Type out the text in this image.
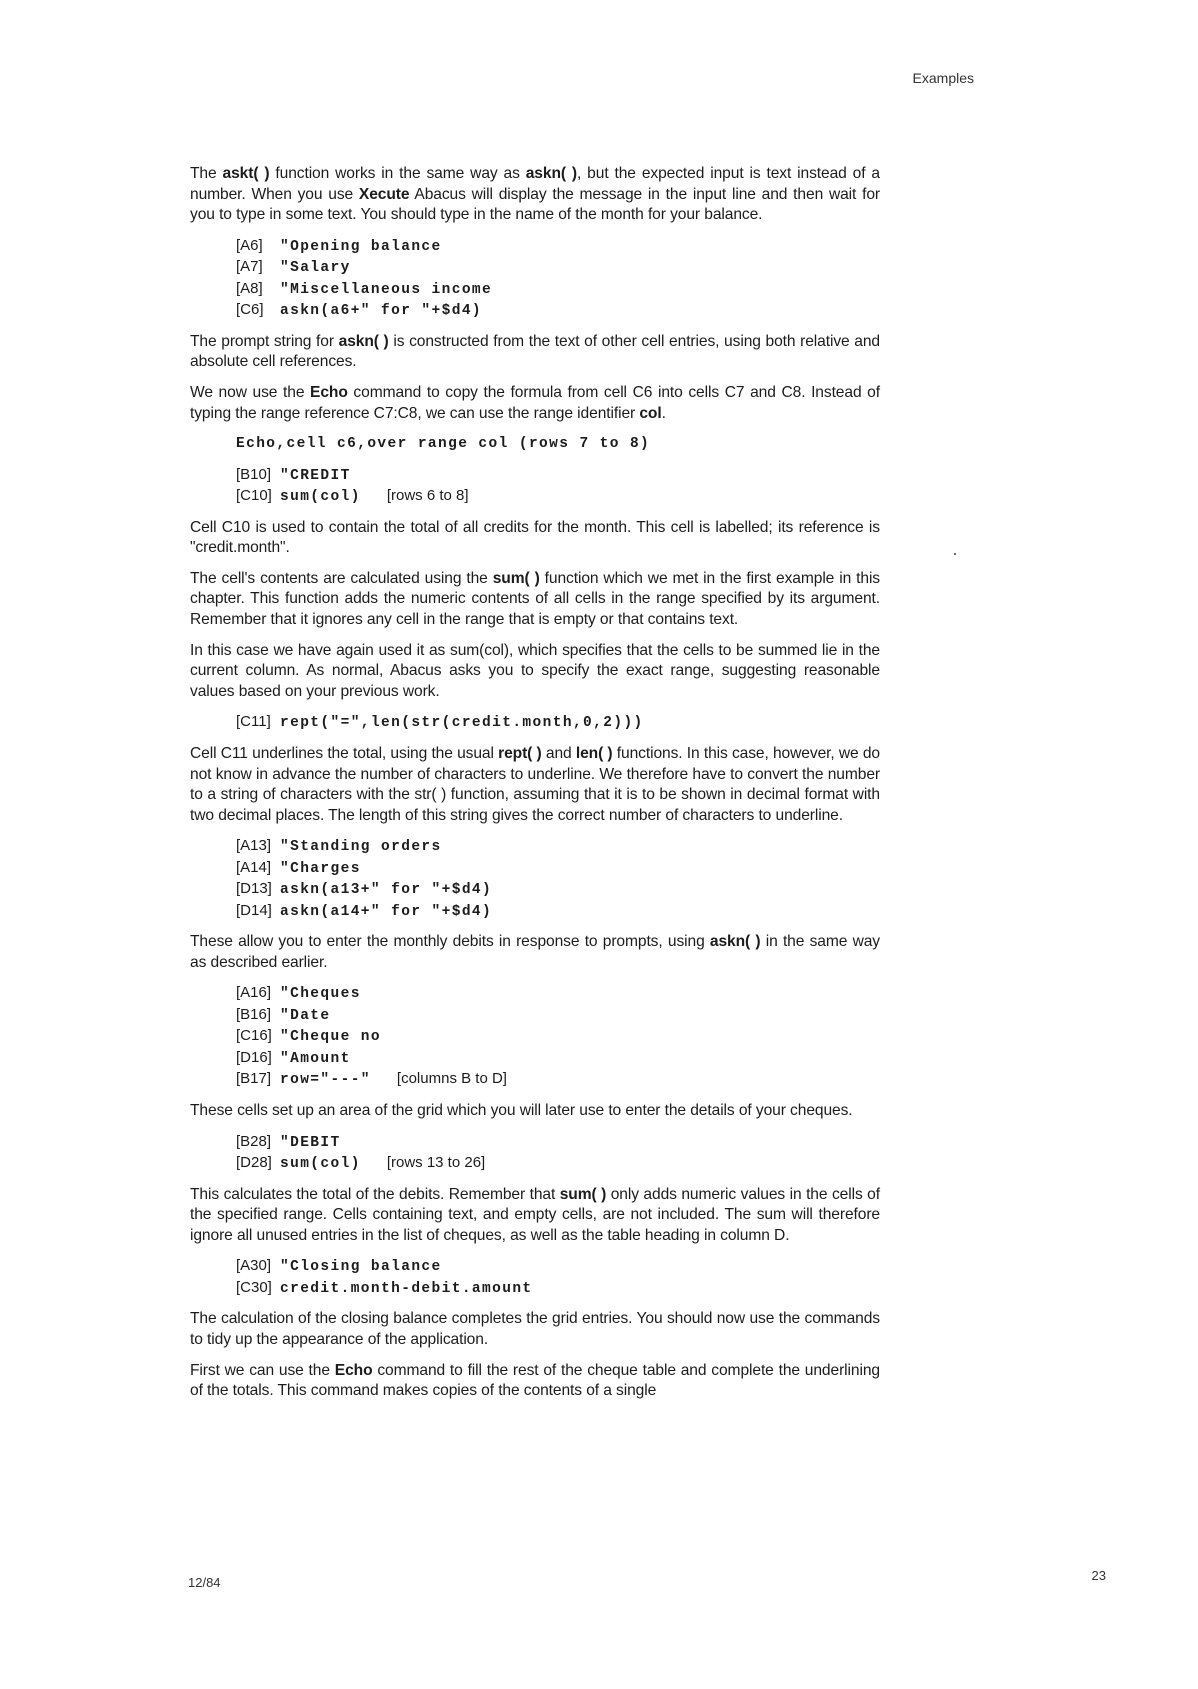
Examples

The askt( ) function works in the same way as askn( ), but the expected input is text instead of a number. When you use Xecute Abacus will display the message in the input line and then wait for you to type in some text. You should type in the name of the month for your balance.

[A6] "Opening balance
[A7] "Salary
[A8] "Miscellaneous income
[C6] askn(a6+" for "+$d4)

The prompt string for askn( ) is constructed from the text of other cell entries, using both relative and absolute cell references.

We now use the Echo command to copy the formula from cell C6 into cells C7 and C8. Instead of typing the range reference C7:C8, we can use the range identifier col.

Echo,cell c6,over range col (rows 7 to 8)
[B10] "CREDIT
[C10] sum(col) [rows 6 to 8]

Cell C10 is used to contain the total of all credits for the month. This cell is labelled; its reference is "credit.month".

The cell's contents are calculated using the sum( ) function which we met in the first example in this chapter. This function adds the numeric contents of all cells in the range specified by its argument. Remember that it ignores any cell in the range that is empty or that contains text.

In this case we have again used it as sum(col), which specifies that the cells to be summed lie in the current column. As normal, Abacus asks you to specify the exact range, suggesting reasonable values based on your previous work.

[C11] rept("=",len(str(credit.month,0,2)))

Cell C11 underlines the total, using the usual rept( ) and len( ) functions. In this case, however, we do not know in advance the number of characters to underline. We therefore have to convert the number to a string of characters with the str( ) function, assuming that it is to be shown in decimal format with two decimal places. The length of this string gives the correct number of characters to underline.

[A13] "Standing orders
[A14] "Charges
[D13] askn(a13+" for "+$d4)
[D14] askn(a14+" for "+$d4)

These allow you to enter the monthly debits in response to prompts, using askn( ) in the same way as described earlier.

[A16] "Cheques
[B16] "Date
[C16] "Cheque no
[D16] "Amount
[B17] row="---" [columns B to D]

These cells set up an area of the grid which you will later use to enter the details of your cheques.

[B28] "DEBIT
[D28] sum(col) [rows 13 to 26]

This calculates the total of the debits. Remember that sum( ) only adds numeric values in the cells of the specified range. Cells containing text, and empty cells, are not included. The sum will therefore ignore all unused entries in the list of cheques, as well as the table heading in column D.

[A30] "Closing balance
[C30] credit.month-debit.amount

The calculation of the closing balance completes the grid entries. You should now use the commands to tidy up the appearance of the application.

First we can use the Echo command to fill the rest of the cheque table and complete the underlining of the totals. This command makes copies of the contents of a single

12/84	23
